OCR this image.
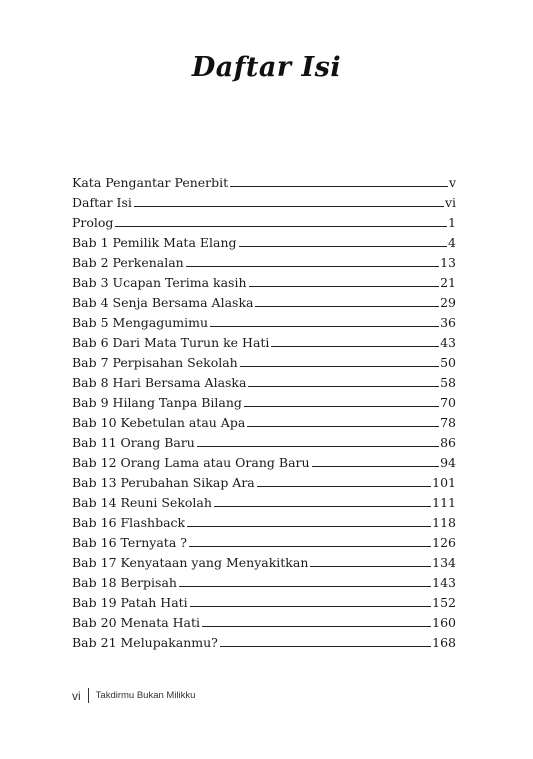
Daftar Isi
Kata Pengantar Penerbit	v
Daftar Isi	vi
Prolog	1
Bab 1 Pemilik Mata Elang	4
Bab 2 Perkenalan	13
Bab 3 Ucapan Terima kasih	21
Bab 4 Senja Bersama Alaska	29
Bab 5 Mengagumimu	36
Bab 6 Dari Mata Turun ke Hati	43
Bab 7 Perpisahan Sekolah	50
Bab 8 Hari Bersama Alaska	58
Bab 9 Hilang Tanpa Bilang	70
Bab 10 Kebetulan atau Apa	78
Bab 11 Orang Baru	86
Bab 12 Orang Lama atau Orang Baru	94
Bab 13 Perubahan Sikap Ara	101
Bab 14 Reuni Sekolah	111
Bab 16 Flashback	118
Bab 16 Ternyata ?	126
Bab 17 Kenyataan yang Menyakitkan	134
Bab 18 Berpisah	143
Bab 19 Patah Hati	152
Bab 20 Menata Hati	160
Bab 21 Melupakanmu?	168
vi Takdirmu Bukan Milikku
